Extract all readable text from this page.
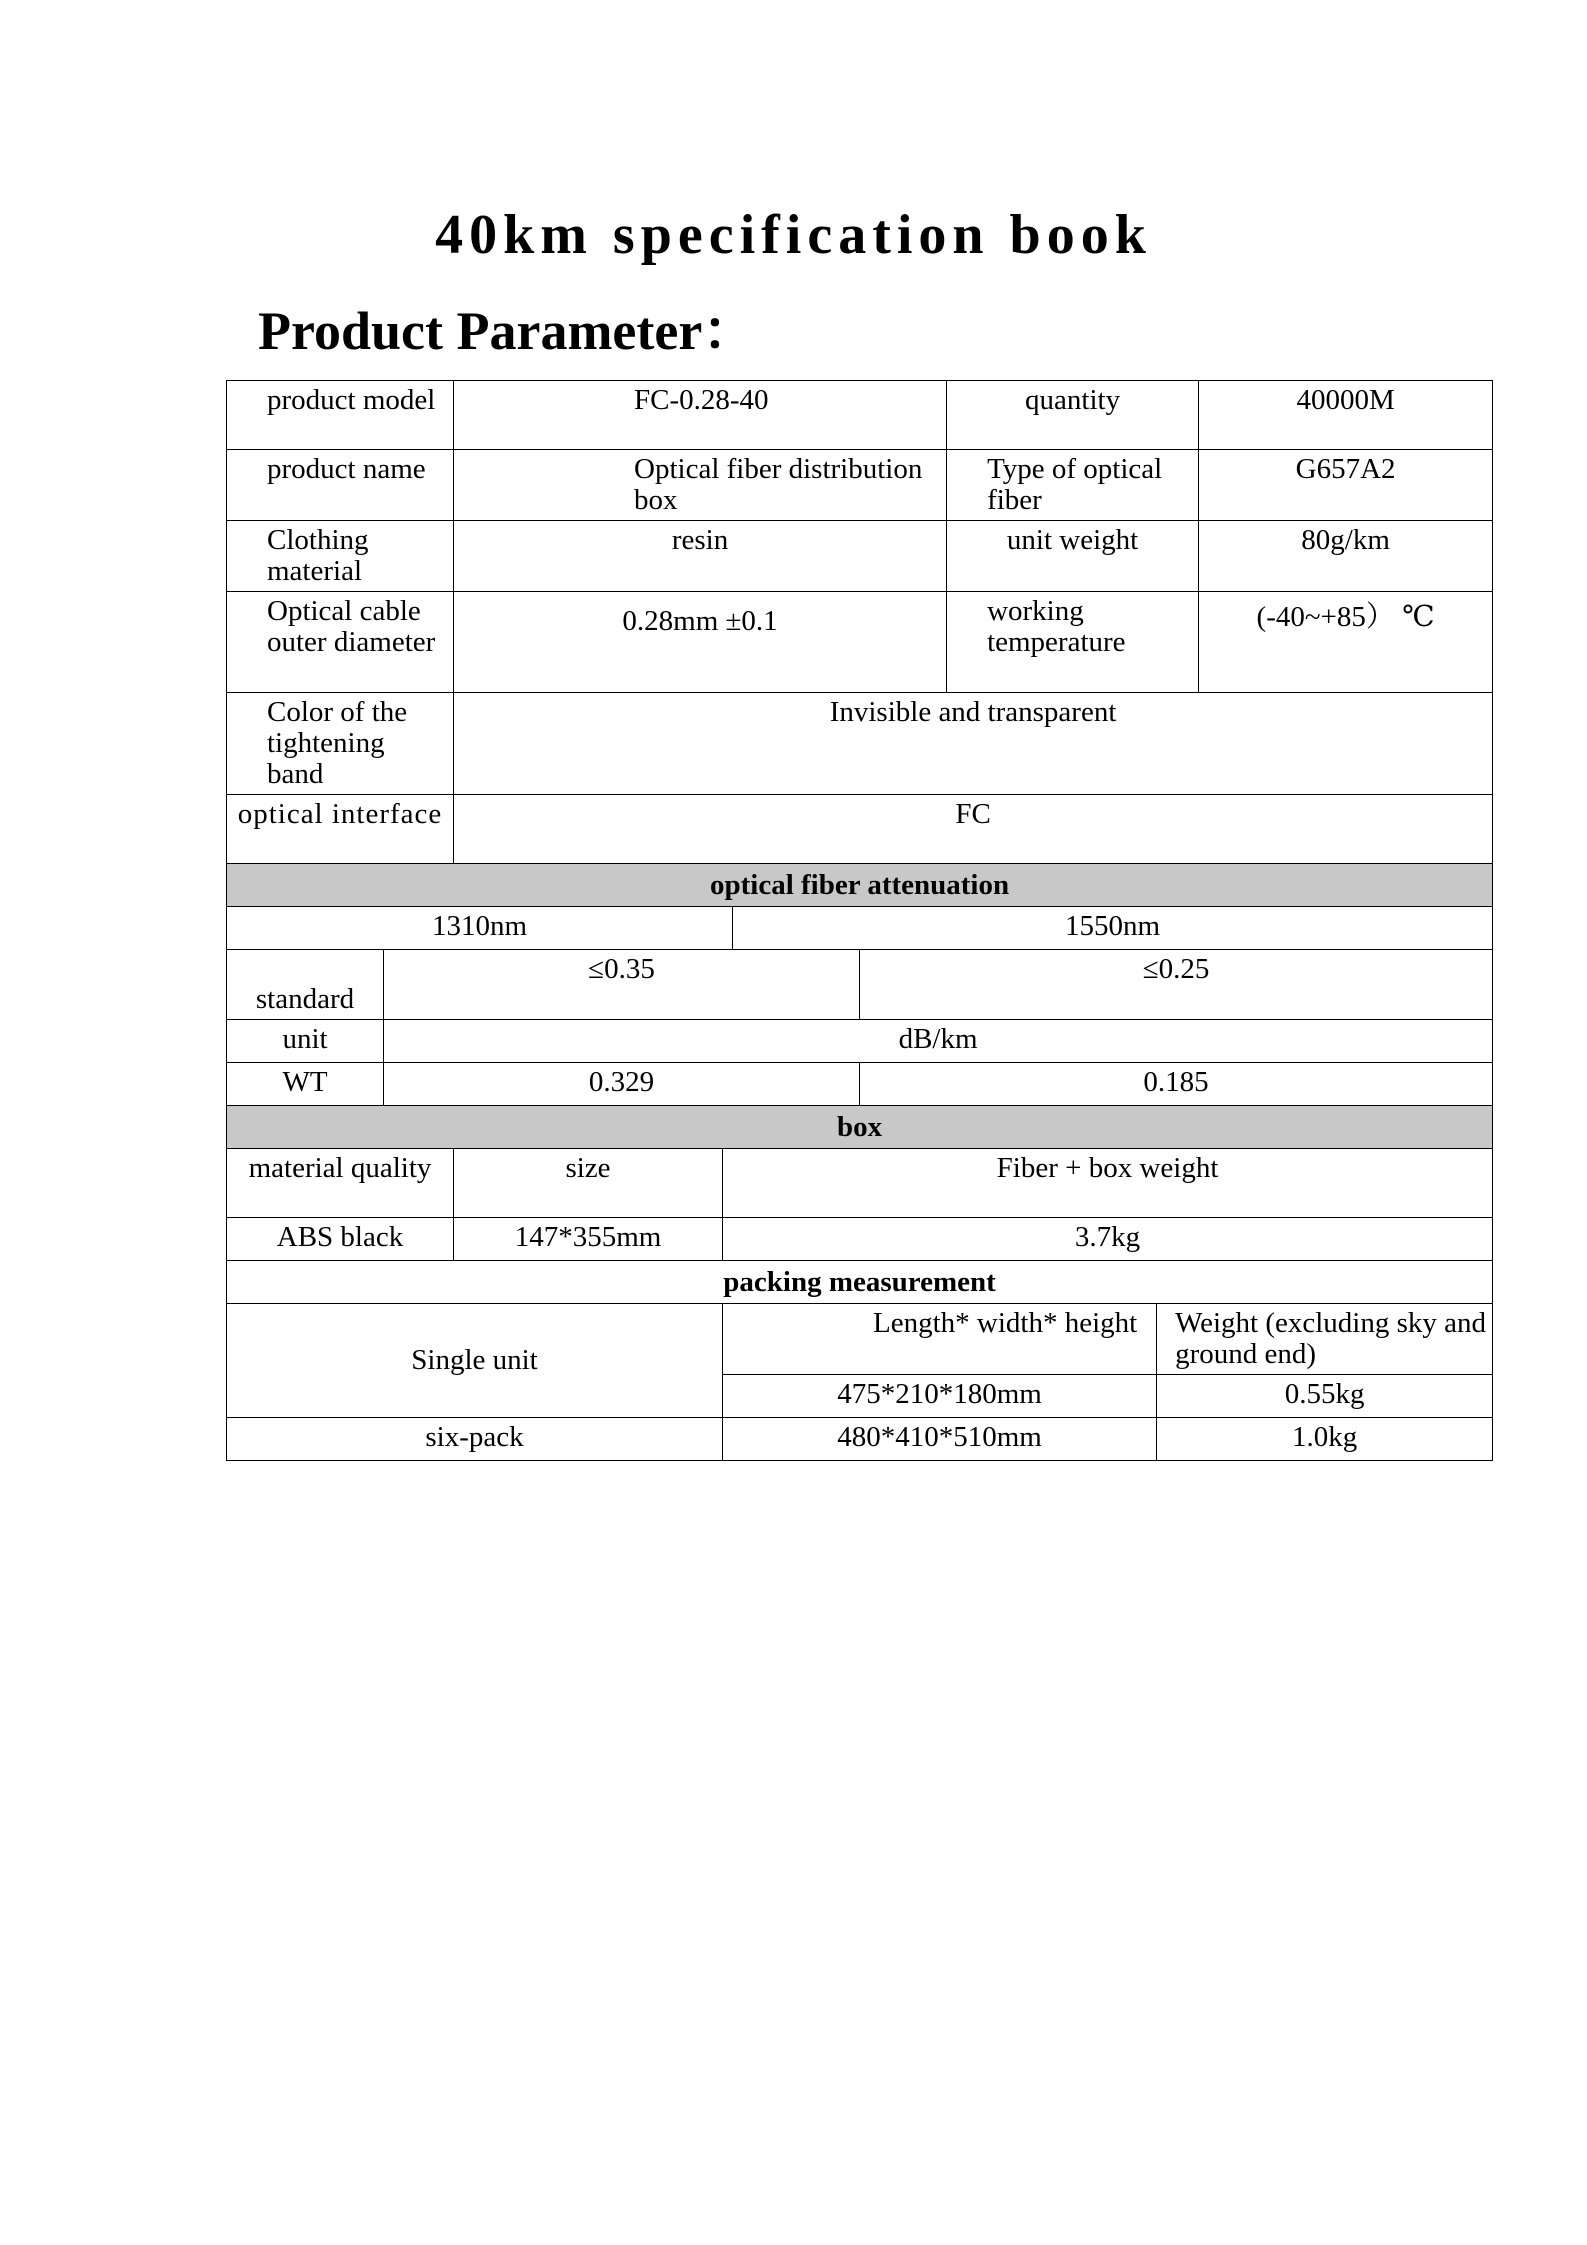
40km specification book
Product Parameter：
product model		FC-0.28-40				quantity		40000M
product name		Optical fiber distribution box				Type of optical fiber		G657A2
Clothing material		resin				unit weight		80g/km
Optical cable outer diameter		0.28mm ±0.1				working temperature		(-40~+85） ℃
Color of the tightening band		Invisible and transparent						
optical interface		FC						
optical fiber attenuation								
1310nm				1550nm				
standard	≤0.35				≤0.25			
unit	dB/km							
WT	0.329				0.185			
box								
material quality		size	Fiber + box weight					
ABS black		147*355mm	3.7kg					
packing measurement								
Single unit			Length* width* height				Weight (excluding sky and ground end)	
			475*210*180mm				0.55kg	
six-pack			480*410*510mm				1.0kg	
